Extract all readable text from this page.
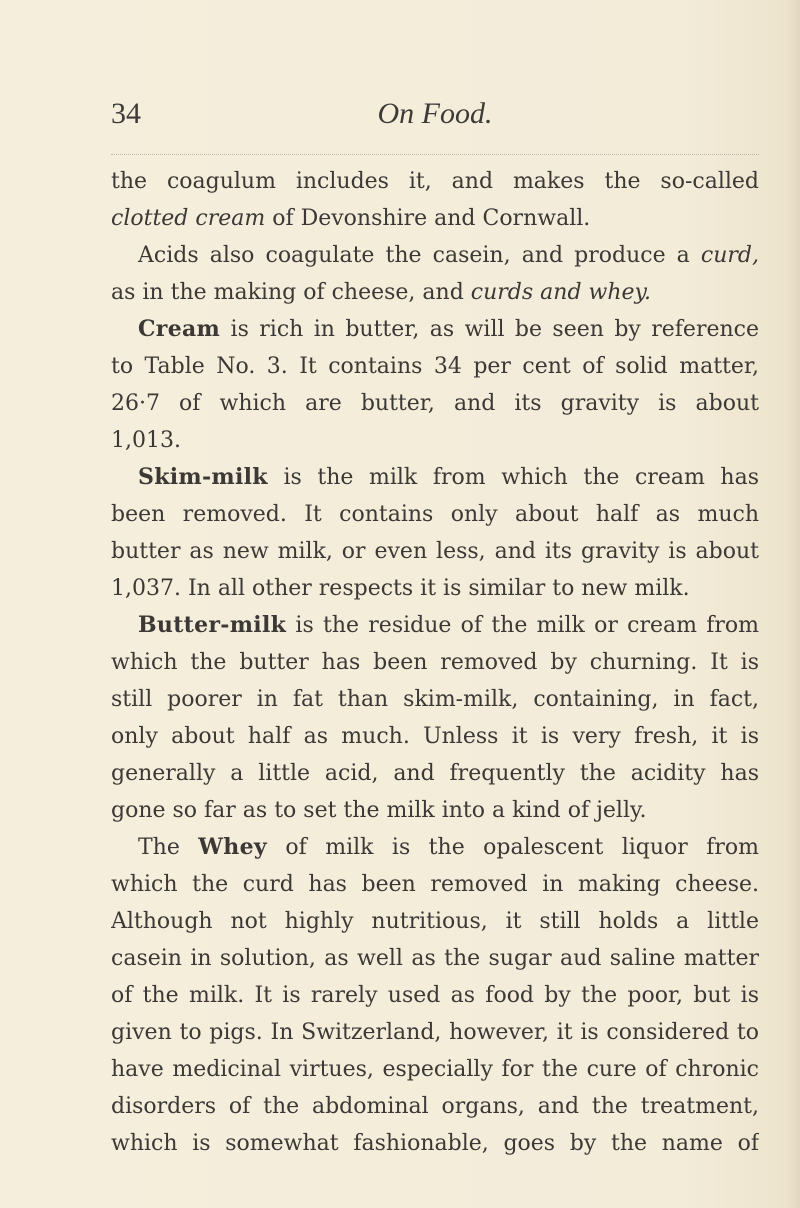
34	On Food.
the coagulum includes it, and makes the so-called
clotted cream of Devonshire and Cornwall.
Acids also coagulate the casein, and produce a curd,
as in the making of cheese, and curds and whey.
Cream is rich in butter, as will be seen by reference
to Table No. 3. It contains 34 per cent of solid matter,
26·7 of which are butter, and its gravity is about
1,013.
Skim-milk is the milk from which the cream has
been removed. It contains only about half as much
butter as new milk, or even less, and its gravity is about
1,037. In all other respects it is similar to new milk.
Butter-milk is the residue of the milk or cream from
which the butter has been removed by churning. It is
still poorer in fat than skim-milk, containing, in fact,
only about half as much. Unless it is very fresh, it is
generally a little acid, and frequently the acidity has
gone so far as to set the milk into a kind of jelly.
The Whey of milk is the opalescent liquor from
which the curd has been removed in making cheese.
Although not highly nutritious, it still holds a little
casein in solution, as well as the sugar aud saline matter
of the milk. It is rarely used as food by the poor, but is
given to pigs. In Switzerland, however, it is considered to
have medicinal virtues, especially for the cure of chronic
disorders of the abdominal organs, and the treatment,
which is somewhat fashionable, goes by the name of
